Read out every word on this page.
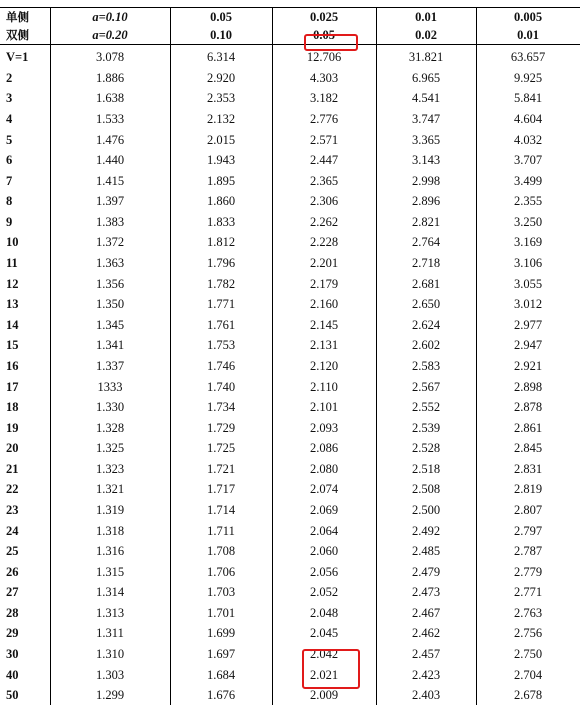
单侧	a=0.10	0.05	0.025	0.01	0.005
双侧	a=0.20	0.10	0.05	0.02	0.01
V=1	3.078	6.314	12.706	31.821	63.657
2	1.886	2.920	4.303	6.965	9.925
3	1.638	2.353	3.182	4.541	5.841
4	1.533	2.132	2.776	3.747	4.604
5	1.476	2.015	2.571	3.365	4.032
6	1.440	1.943	2.447	3.143	3.707
7	1.415	1.895	2.365	2.998	3.499
8	1.397	1.860	2.306	2.896	2.355
9	1.383	1.833	2.262	2.821	3.250
10	1.372	1.812	2.228	2.764	3.169
11	1.363	1.796	2.201	2.718	3.106
12	1.356	1.782	2.179	2.681	3.055
13	1.350	1.771	2.160	2.650	3.012
14	1.345	1.761	2.145	2.624	2.977
15	1.341	1.753	2.131	2.602	2.947
16	1.337	1.746	2.120	2.583	2.921
17	1333	1.740	2.110	2.567	2.898
18	1.330	1.734	2.101	2.552	2.878
19	1.328	1.729	2.093	2.539	2.861
20	1.325	1.725	2.086	2.528	2.845
21	1.323	1.721	2.080	2.518	2.831
22	1.321	1.717	2.074	2.508	2.819
23	1.319	1.714	2.069	2.500	2.807
24	1.318	1.711	2.064	2.492	2.797
25	1.316	1.708	2.060	2.485	2.787
26	1.315	1.706	2.056	2.479	2.779
27	1.314	1.703	2.052	2.473	2.771
28	1.313	1.701	2.048	2.467	2.763
29	1.311	1.699	2.045	2.462	2.756
30	1.310	1.697	2.042	2.457	2.750
40	1.303	1.684	2.021	2.423	2.704
50	1.299	1.676	2.009	2.403	2.678
